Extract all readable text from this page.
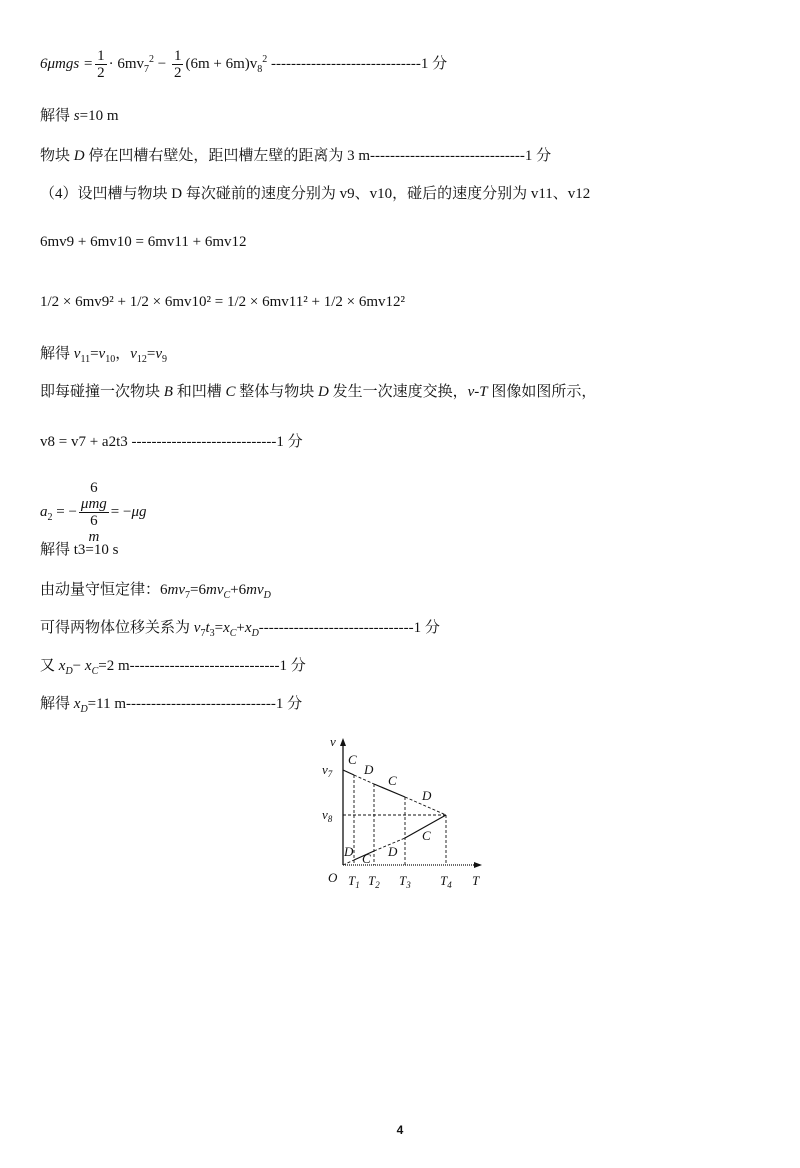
$6\mu mgs = \frac{1}{2} \cdot 6mv_7^2 - \frac{1}{2} (6m + 6m)v_8^2$ ------------------------------1 分
解得 s=10 m
物块 D 停在凹槽右壁处，距凹槽左壁的距离为 3 m-------------------------------1 分
（4）设凹槽与物块 D 每次碰前的速度分别为 v9、v10，碰后的速度分别为 v11、v12
6mv9 + 6mv10 = 6mv11 + 6mv12
1/2 × 6mv9² + 1/2 × 6mv10² = 1/2 × 6mv11² + 1/2 × 6mv12²
解得 $v_{11}=v_{10}$，$v_{12}=v_9$
即每碰撞一次物块 B 和凹槽 C 整体与物块 D 发生一次速度交换，v-T 图像如图所示，
v8 = v7 + a2t3 -----------------------------1 分
$a_2$ = −
6
μmg
6
m
= −μg
解得 t3=10 s
由动量守恒定律：$6mv_7=6mv_C+6mv_D$
可得两物体位移关系为 $v_7t_3=x_C+x_D-------------------------------1$ 分
又 $x_D- x_C=2$ m------------------------------1 分
解得 $x_D=11$ m------------------------------1 分
v
T
O
$v_7$
$v_8$
$T_1$ $T_2$ $T_3$ $T_4$
C
D
C
D
D C D
C
4
